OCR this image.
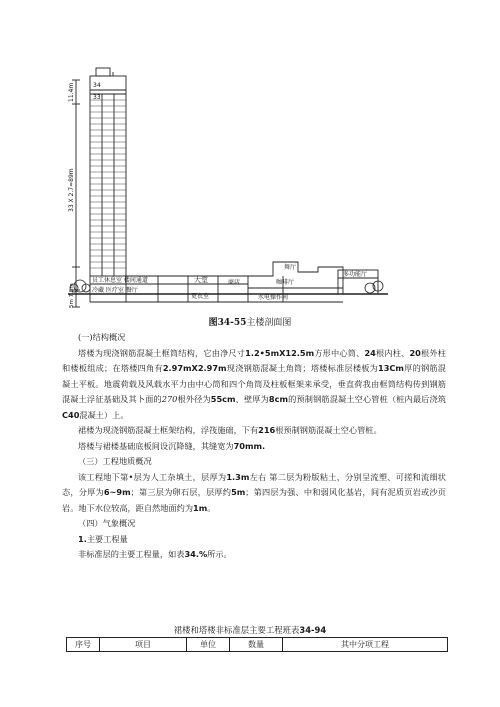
11.4m
33 X 2.7=89m
5m 7.5m
34
33
员工休息室 楼间通道
冷藏 医疗室 餐厅
大堂
更衣室
商店
水电操作间
咖啡厅
舞厅
多功能厅
图34-55主楼剖面图

(一)结构概况

塔楼为现浇钢筋混凝土框筒结构，它由净尺寸1.2•5mX12.5m方形中心筒、24根内柱、20根外柱和楼板组成；在塔楼四角有2.97mX2.97m现浇钢筋混凝土角筒；塔楼标准层楼板为13Cm厚的钢筋混凝土平板。地震荷载及风载水平力由中心筒和四个角筒及柱板框架来承受，垂直荷我由框筒结构传到钢筋混凝土浮征基础及其卜面的270根外径为55cm、壁厚为8cm的预制钢筋混凝土空心管桩（桩内最后浇筑C40混凝土）上。

裙楼为现浇钢筋混凝土框架结构，浮筏施础，下有216根预制钢筋混凝土空心管桩。

塔楼与裙楼基础底板间设沉降缝，其缝宽为70mm.

（三）工程地质概况

该工程地下第•层为人工杂填土，层厚为1.3m左右 第二层为粉版粘土，分别呈流塑、可搓和流细状态，分厚为6~9m；第三层为卵石层，层厚约5m；第四层为强、中和弱风化基岩，间有泥质页岩或沙页岩。地下水位较高，距自然地面约为1m。

（四）气象概况

1.主要工程量

非标准层的主要工程量，如表34.%所示。

裙楼和塔楼非标准层主要工程班表34-94
序号	项目	单位	数量	其中分项工程
